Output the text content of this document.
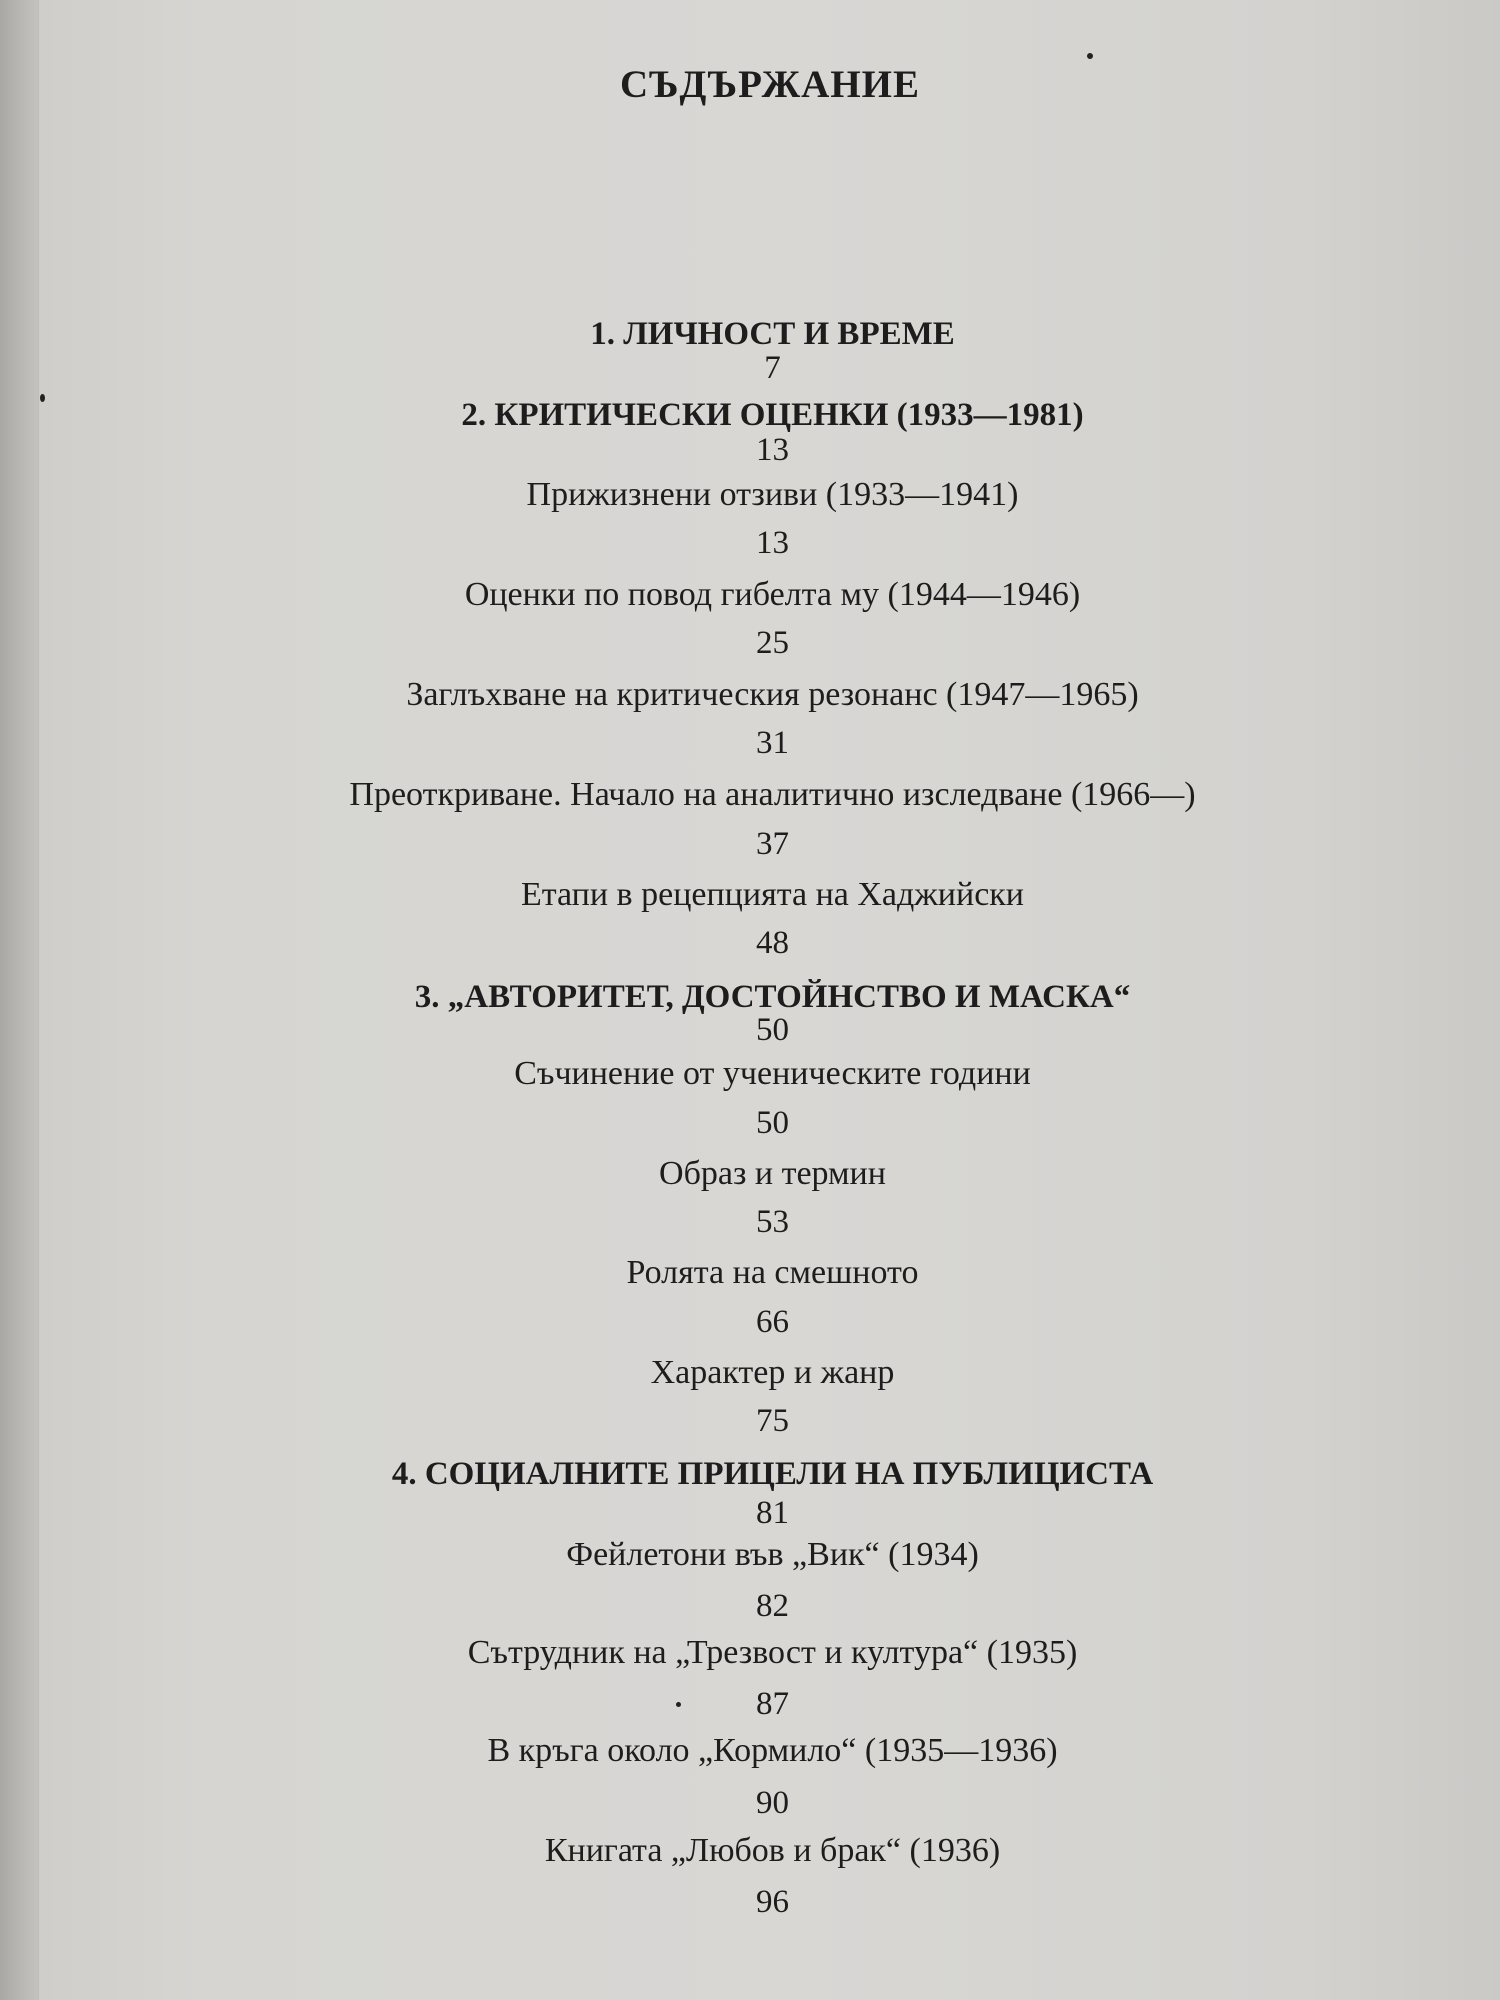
СЪДЪРЖАНИЕ
1. ЛИЧНОСТ И ВРЕМЕ
7
2. КРИТИЧЕСКИ ОЦЕНКИ (1933—1981)
13
Прижизнени отзиви (1933—1941)
13
Оценки по повод гибелта му (1944—1946)
25
Заглъхване на критическия резонанс (1947—1965)
31
Преоткриване. Начало на аналитично изследване (1966—)
37
Етапи в рецепцията на Хаджийски
48
3. „АВТОРИТЕТ, ДОСТОЙНСТВО И МАСКА“
50
Съчинение от ученическите години
50
Образ и термин
53
Ролята на смешното
66
Характер и жанр
75
4. СОЦИАЛНИТЕ ПРИЦЕЛИ НА ПУБЛИЦИСТА
81
Фейлетони във „Вик“ (1934)
82
Сътрудник на „Трезвост и култура“ (1935)
87
В кръга около „Кормило“ (1935—1936)
90
Книгата „Любов и брак“ (1936)
96
